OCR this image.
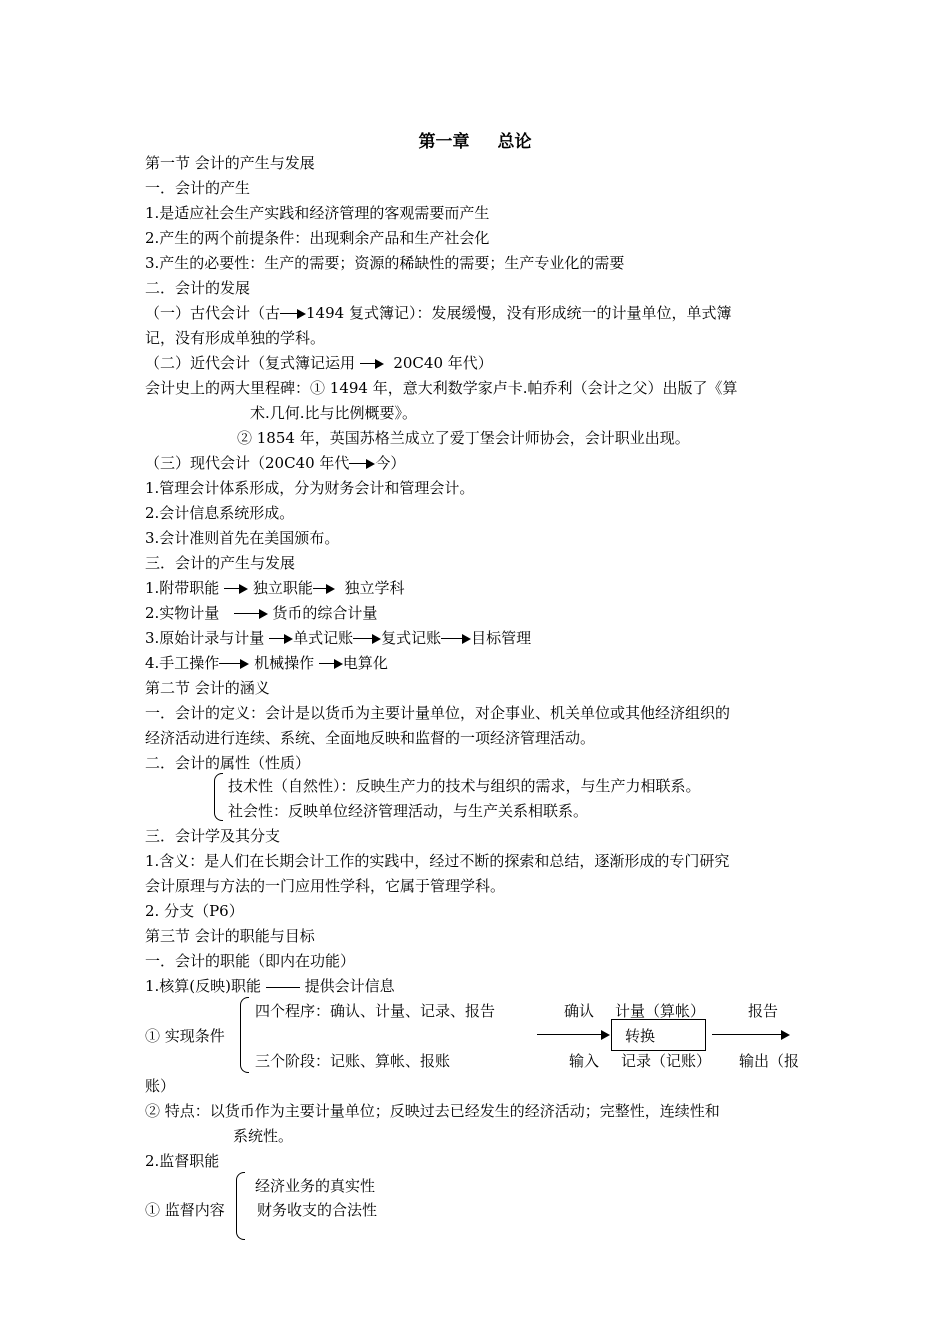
第一章 总论
第一节 会计的产生与发展
一．会计的产生
1.是适应社会生产实践和经济管理的客观需要而产生
2.产生的两个前提条件：出现剩余产品和生产社会化
3.产生的必要性：生产的需要；资源的稀缺性的需要；生产专业化的需要
二．会计的发展
（一）古代会计（古 1494 复式簿记）：发展缓慢，没有形成统一的计量单位，单式簿
记，没有形成单独的学科。
（二）近代会计（复式簿记运用	20C40 年代）
会计史上的两大里程碑：① 1494 年，意大利数学家卢卡.帕乔利（会计之父）出版了《算
术.几何.比与比例概要》。
② 1854 年，英国苏格兰成立了爱丁堡会计师协会，会计职业出现。
（三）现代会计（20C40 年代 今）
1.管理会计体系形成，分为财务会计和管理会计。
2.会计信息系统形成。
3.会计准则首先在美国颁布。
三．会计的产生与发展
1.附带职能 独立职能 独立学科
2.实物计量	货币的综合计量
3.原始计录与计量 单式记账 复式记账 目标管理
4.手工操作 机械操作 电算化
第二节 会计的涵义
一．会计的定义：会计是以货币为主要计量单位，对企事业、机关单位或其他经济组织的
经济活动进行连续、系统、全面地反映和监督的一项经济管理活动。
二．会计的属性（性质）
技术性（自然性）：反映生产力的技术与组织的需求，与生产力相联系。
社会性：反映单位经济管理活动，与生产关系相联系。
三．会计学及其分支
1.含义：是人们在长期会计工作的实践中，经过不断的探索和总结，逐渐形成的专门研究
会计原理与方法的一门应用性学科，它属于管理学科。
2. 分支（P6）
第三节 会计的职能与目标
一．会计的职能（即内在功能）
1.核算(反映)职能	提供会计信息
四个程序：确认、计量、记录、报告	确认 计量（算帐）	报告
① 实现条件	转换
三个阶段：记账、算帐、报账	输入 记录（记账） 输出（报
账）
② 特点：以货币作为主要计量单位；反映过去已经发生的经济活动；完整性，连续性和
系统性。
2.监督职能
经济业务的真实性
① 监督内容 财务收支的合法性
